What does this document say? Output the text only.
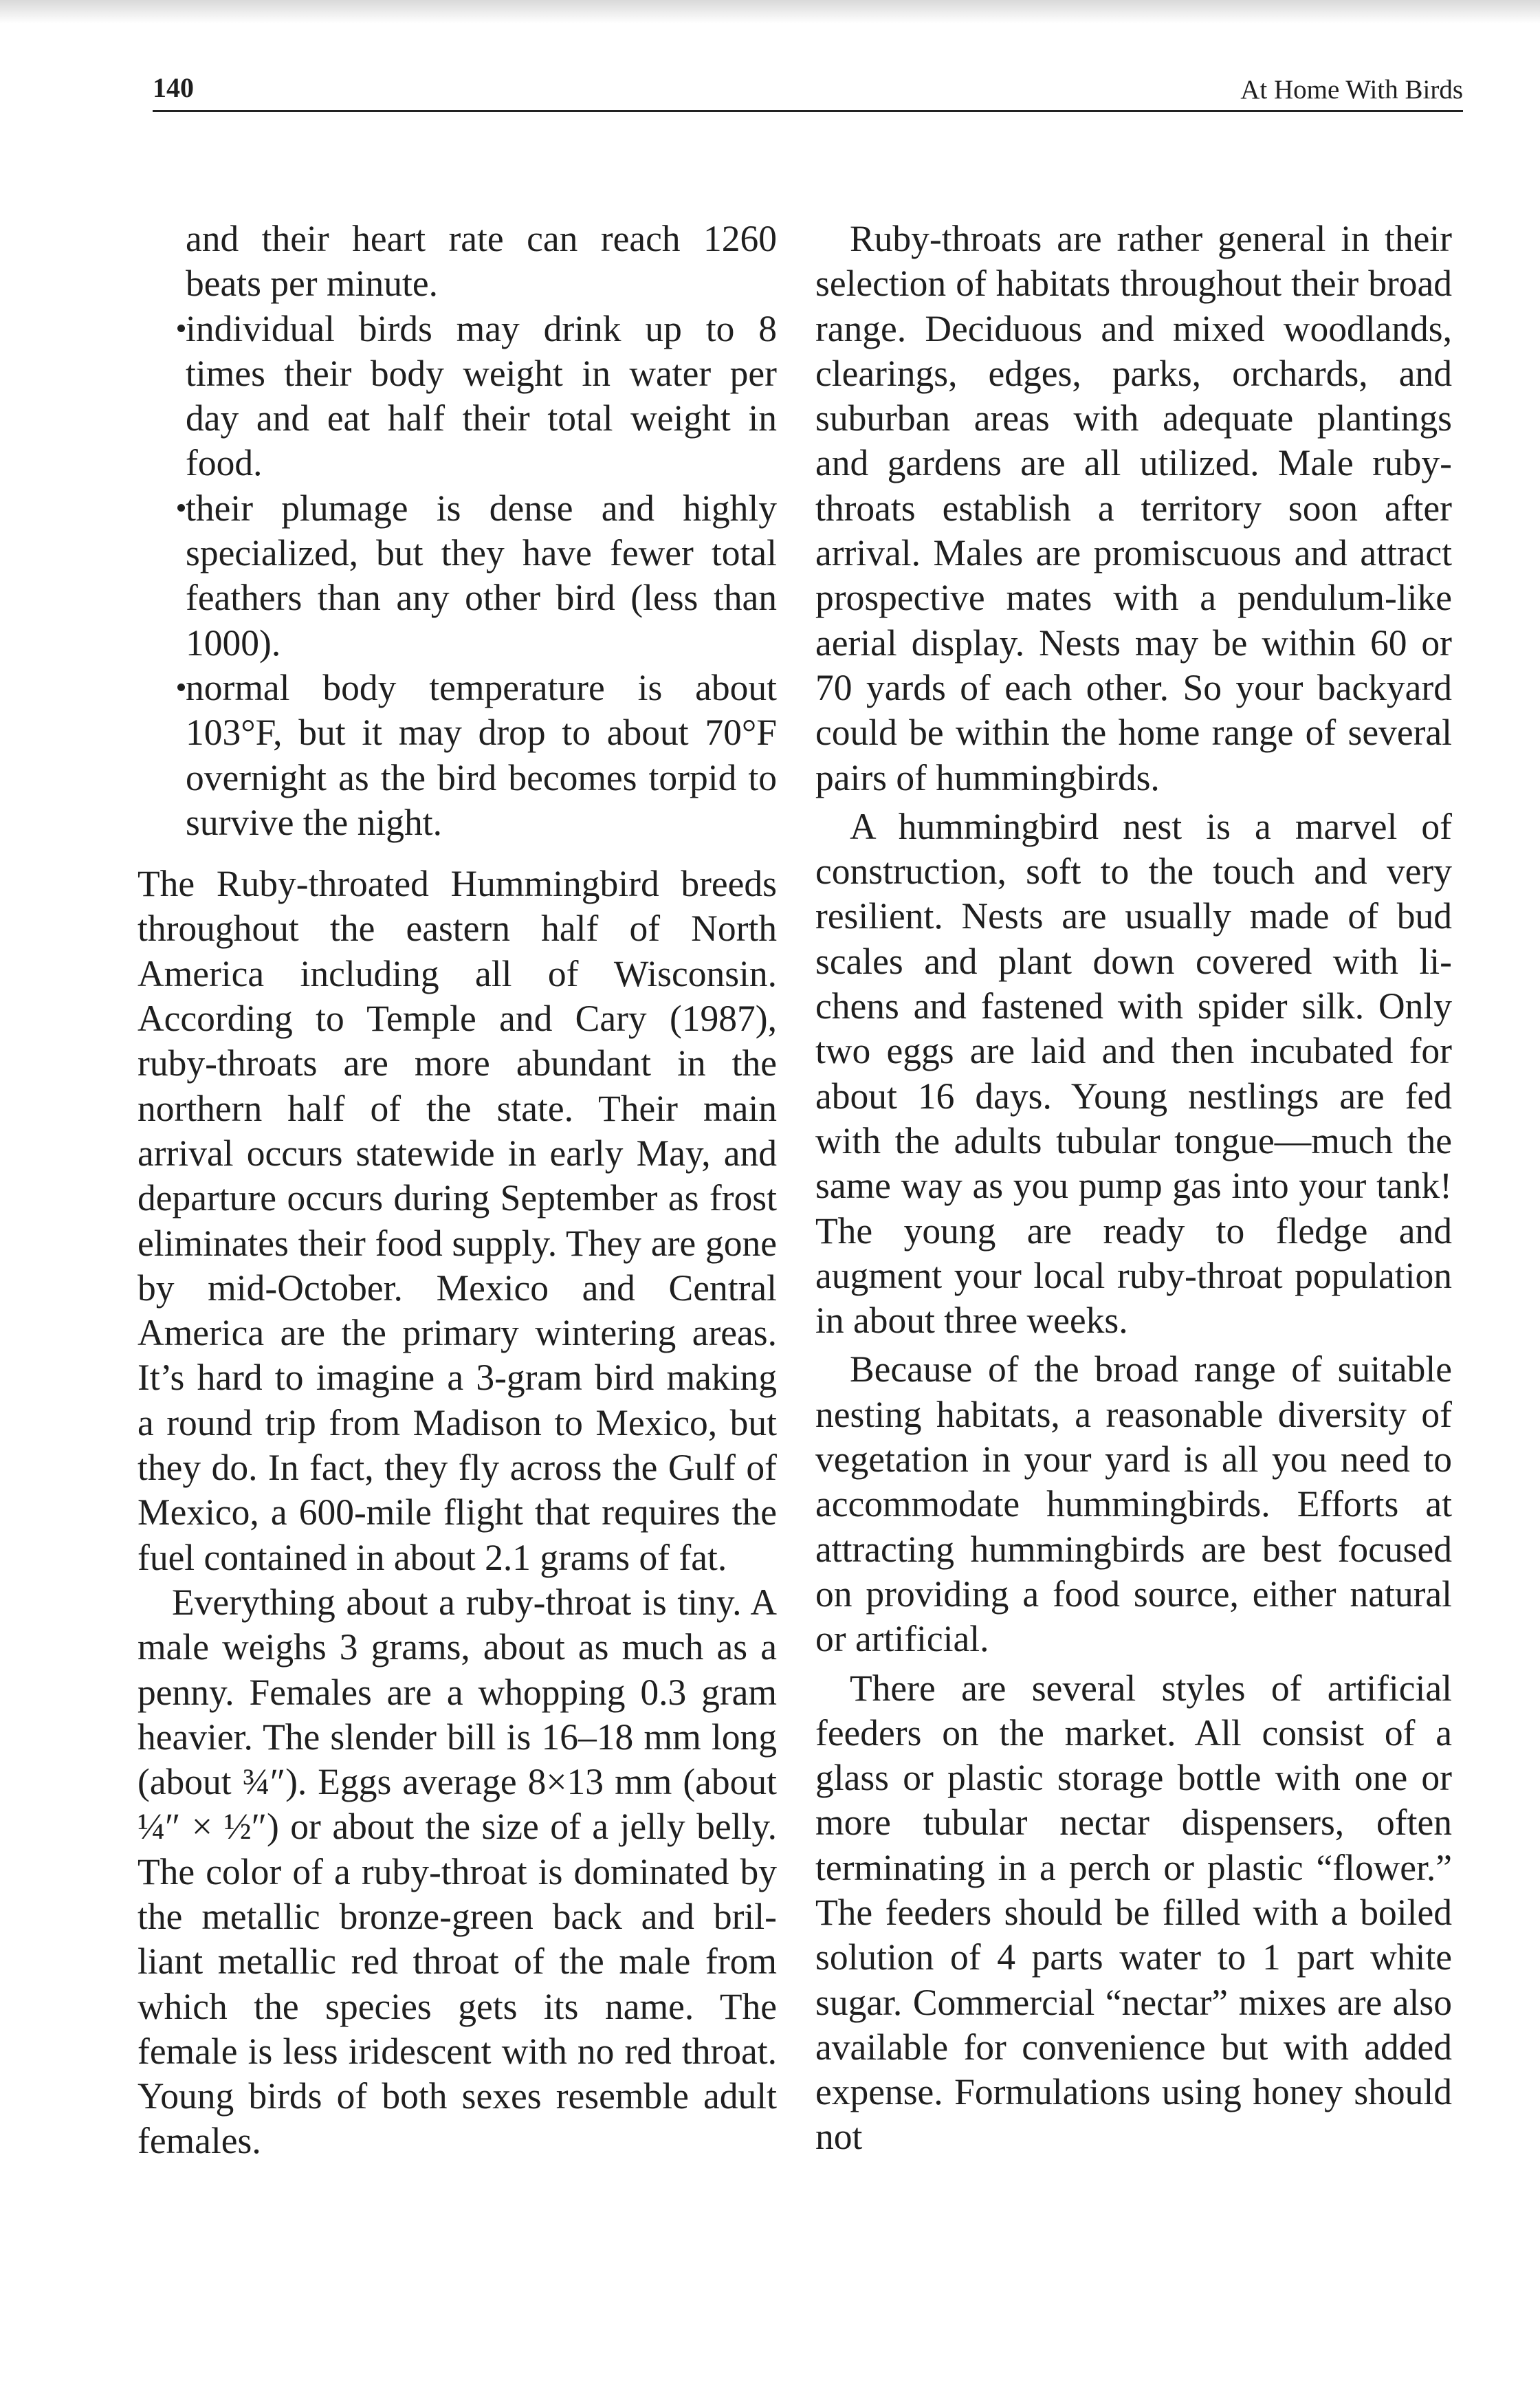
140	At Home With Birds

and their heart rate can reach 1260 beats per minute.

individual birds may drink up to 8 times their body weight in water per day and eat half their total weight in food.
their plumage is dense and highly specialized, but they have fewer total feathers than any other bird (less than 1000).
normal body temperature is about 103°F, but it may drop to about 70°F overnight as the bird becomes torpid to survive the night.

The Ruby-throated Hummingbird breeds throughout the eastern half of North America including all of Wisconsin. According to Temple and Cary (1987), ruby-throats are more abundant in the northern half of the state. Their main arrival occurs statewide in early May, and departure occurs during September as frost eliminates their food supply. They are gone by mid-October. Mexico and Central America are the primary wintering areas. It’s hard to imagine a 3-gram bird making a round trip from Madison to Mexico, but they do. In fact, they fly across the Gulf of Mexico, a 600-mile flight that requires the fuel contained in about 2.1 grams of fat.

Everything about a ruby-throat is tiny. A male weighs 3 grams, about as much as a penny. Females are a whopping 0.3 gram heavier. The slender bill is 16–18 mm long (about ¾″). Eggs average 8×13 mm (about ¼″ × ½″) or about the size of a jelly belly. The color of a ruby-throat is dominated by the metallic bronze-green back and brilliant metallic red throat of the male from which the species gets its name. The female is less iridescent with no red throat. Young birds of both sexes resemble adult females.

Ruby-throats are rather general in their selection of habitats throughout their broad range. Deciduous and mixed woodlands, clearings, edges, parks, orchards, and suburban areas with adequate plantings and gardens are all utilized. Male ruby-throats establish a territory soon after arrival. Males are promiscuous and attract prospective mates with a pendulum-like aerial display. Nests may be within 60 or 70 yards of each other. So your backyard could be within the home range of several pairs of hummingbirds.

A hummingbird nest is a marvel of construction, soft to the touch and very resilient. Nests are usually made of bud scales and plant down covered with lichens and fastened with spider silk. Only two eggs are laid and then incubated for about 16 days. Young nestlings are fed with the adults tubular tongue—much the same way as you pump gas into your tank! The young are ready to fledge and augment your local ruby-throat population in about three weeks.

Because of the broad range of suitable nesting habitats, a reasonable diversity of vegetation in your yard is all you need to accommodate hummingbirds. Efforts at attracting hummingbirds are best focused on providing a food source, either natural or artificial.

There are several styles of artificial feeders on the market. All consist of a glass or plastic storage bottle with one or more tubular nectar dispensers, often terminating in a perch or plastic “flower.” The feeders should be filled with a boiled solution of 4 parts water to 1 part white sugar. Commercial “nectar” mixes are also available for convenience but with added expense. Formulations using honey should not
